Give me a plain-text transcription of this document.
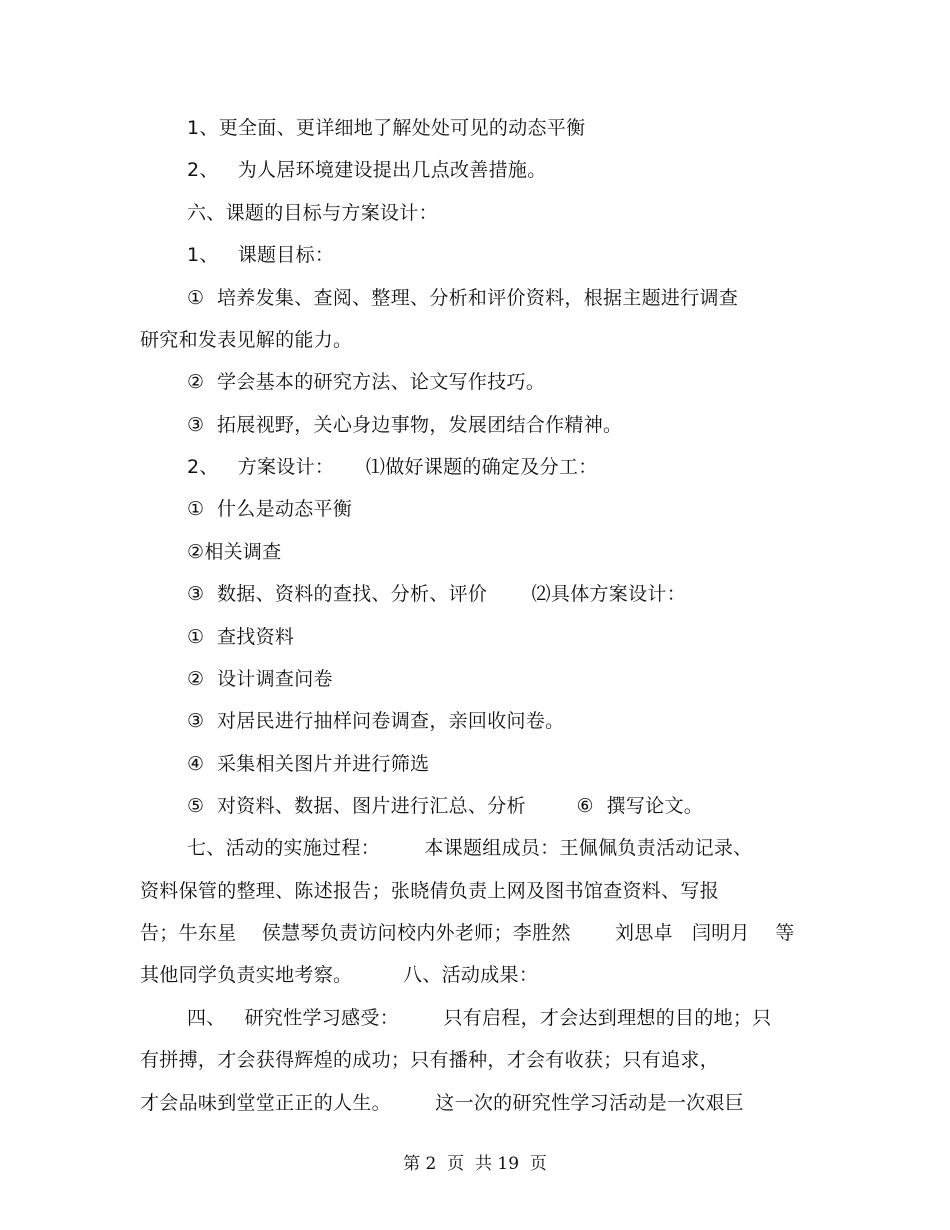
1、更全面、更详细地了解处处可见的动态平衡
2、   为人居环境建设提出几点改善措施。
六、课题的目标与方案设计：
1、   课题目标：
①  培养发集、查阅、整理、分析和评价资料，根据主题进行调查
研究和发表见解的能力。
②  学会基本的研究方法、论文写作技巧。
③  拓展视野，关心身边事物，发展团结合作精神。
2、   方案设计：     ⑴做好课题的确定及分工：
①  什么是动态平衡
②相关调查
③  数据、资料的查找、分析、评价       ⑵具体方案设计：
①  查找资料
②  设计调查问卷
③  对居民进行抽样问卷调查，亲回收问卷。
④  采集相关图片并进行筛选
⑤  对资料、数据、图片进行汇总、分析        ⑥  撰写论文。
七、活动的实施过程：       本课题组成员：王佩佩负责活动记录、
资料保管的整理、陈述报告；张晓倩负责上网及图书馆查资料、写报
告；牛东星    侯慧琴负责访问校内外老师；李胜然       刘思卓   闫明月    等
其他同学负责实地考察。        八、活动成果：
四、   研究性学习感受：       只有启程，才会达到理想的目的地；只
有拼搏，才会获得辉煌的成功；只有播种，才会有收获；只有追求，
才会品味到堂堂正正的人生。       这一次的研究性学习活动是一次艰巨
第 2  页  共 19  页
